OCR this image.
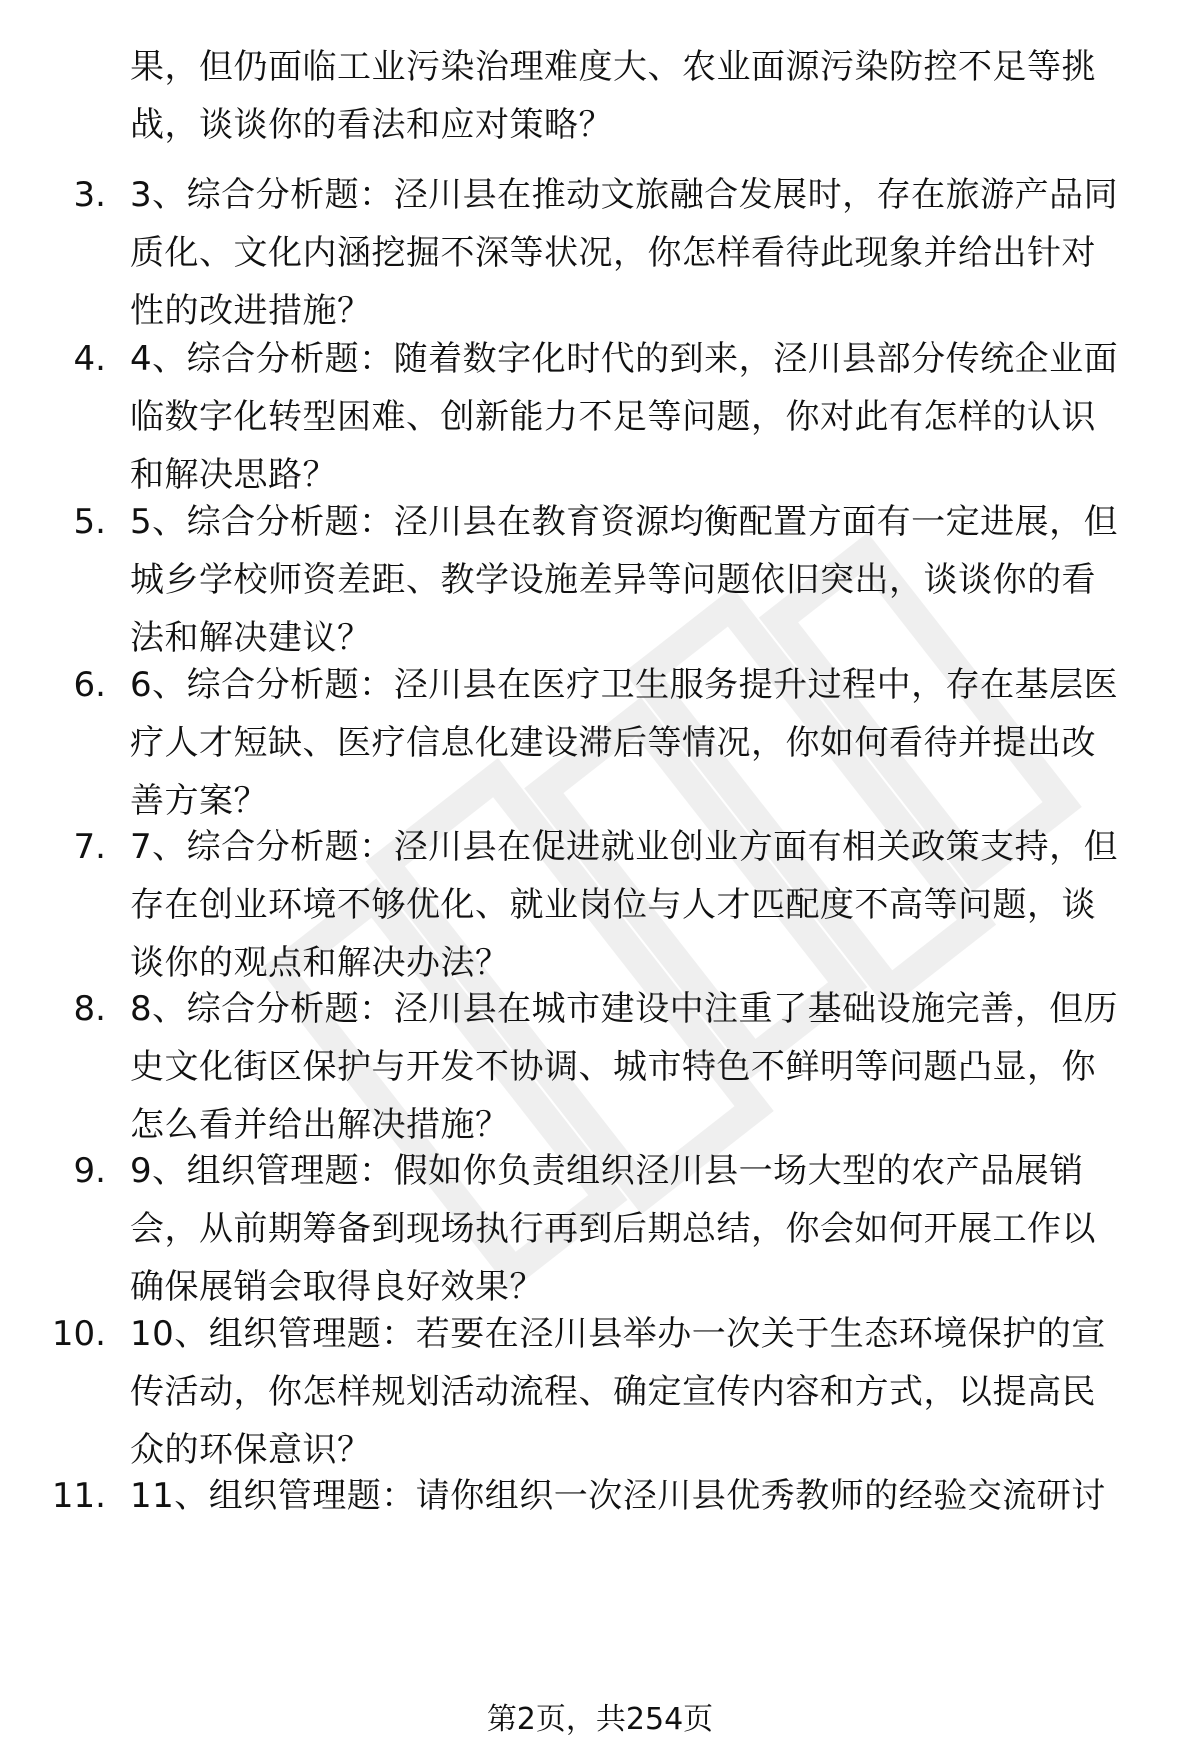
果，但仍面临工业污染治理难度大、农业面源污染防控不足等挑
战，谈谈你的看法和应对策略？
3. 3、综合分析题：泾川县在推动文旅融合发展时，存在旅游产品同
质化、文化内涵挖掘不深等状况，你怎样看待此现象并给出针对
性的改进措施？
4. 4、综合分析题：随着数字化时代的到来，泾川县部分传统企业面
临数字化转型困难、创新能力不足等问题，你对此有怎样的认识
和解决思路？
5. 5、综合分析题：泾川县在教育资源均衡配置方面有一定进展，但
城乡学校师资差距、教学设施差异等问题依旧突出，谈谈你的看
法和解决建议？
6. 6、综合分析题：泾川县在医疗卫生服务提升过程中，存在基层医
疗人才短缺、医疗信息化建设滞后等情况，你如何看待并提出改
善方案？
7. 7、综合分析题：泾川县在促进就业创业方面有相关政策支持，但
存在创业环境不够优化、就业岗位与人才匹配度不高等问题，谈
谈你的观点和解决办法？
8. 8、综合分析题：泾川县在城市建设中注重了基础设施完善，但历
史文化街区保护与开发不协调、城市特色不鲜明等问题凸显，你
怎么看并给出解决措施？
9. 9、组织管理题：假如你负责组织泾川县一场大型的农产品展销
会，从前期筹备到现场执行再到后期总结，你会如何开展工作以
确保展销会取得良好效果？
10. 10、组织管理题：若要在泾川县举办一次关于生态环境保护的宣
传活动，你怎样规划活动流程、确定宣传内容和方式，以提高民
众的环保意识？
11. 11、组织管理题：请你组织一次泾川县优秀教师的经验交流研讨
第2页，共254页
